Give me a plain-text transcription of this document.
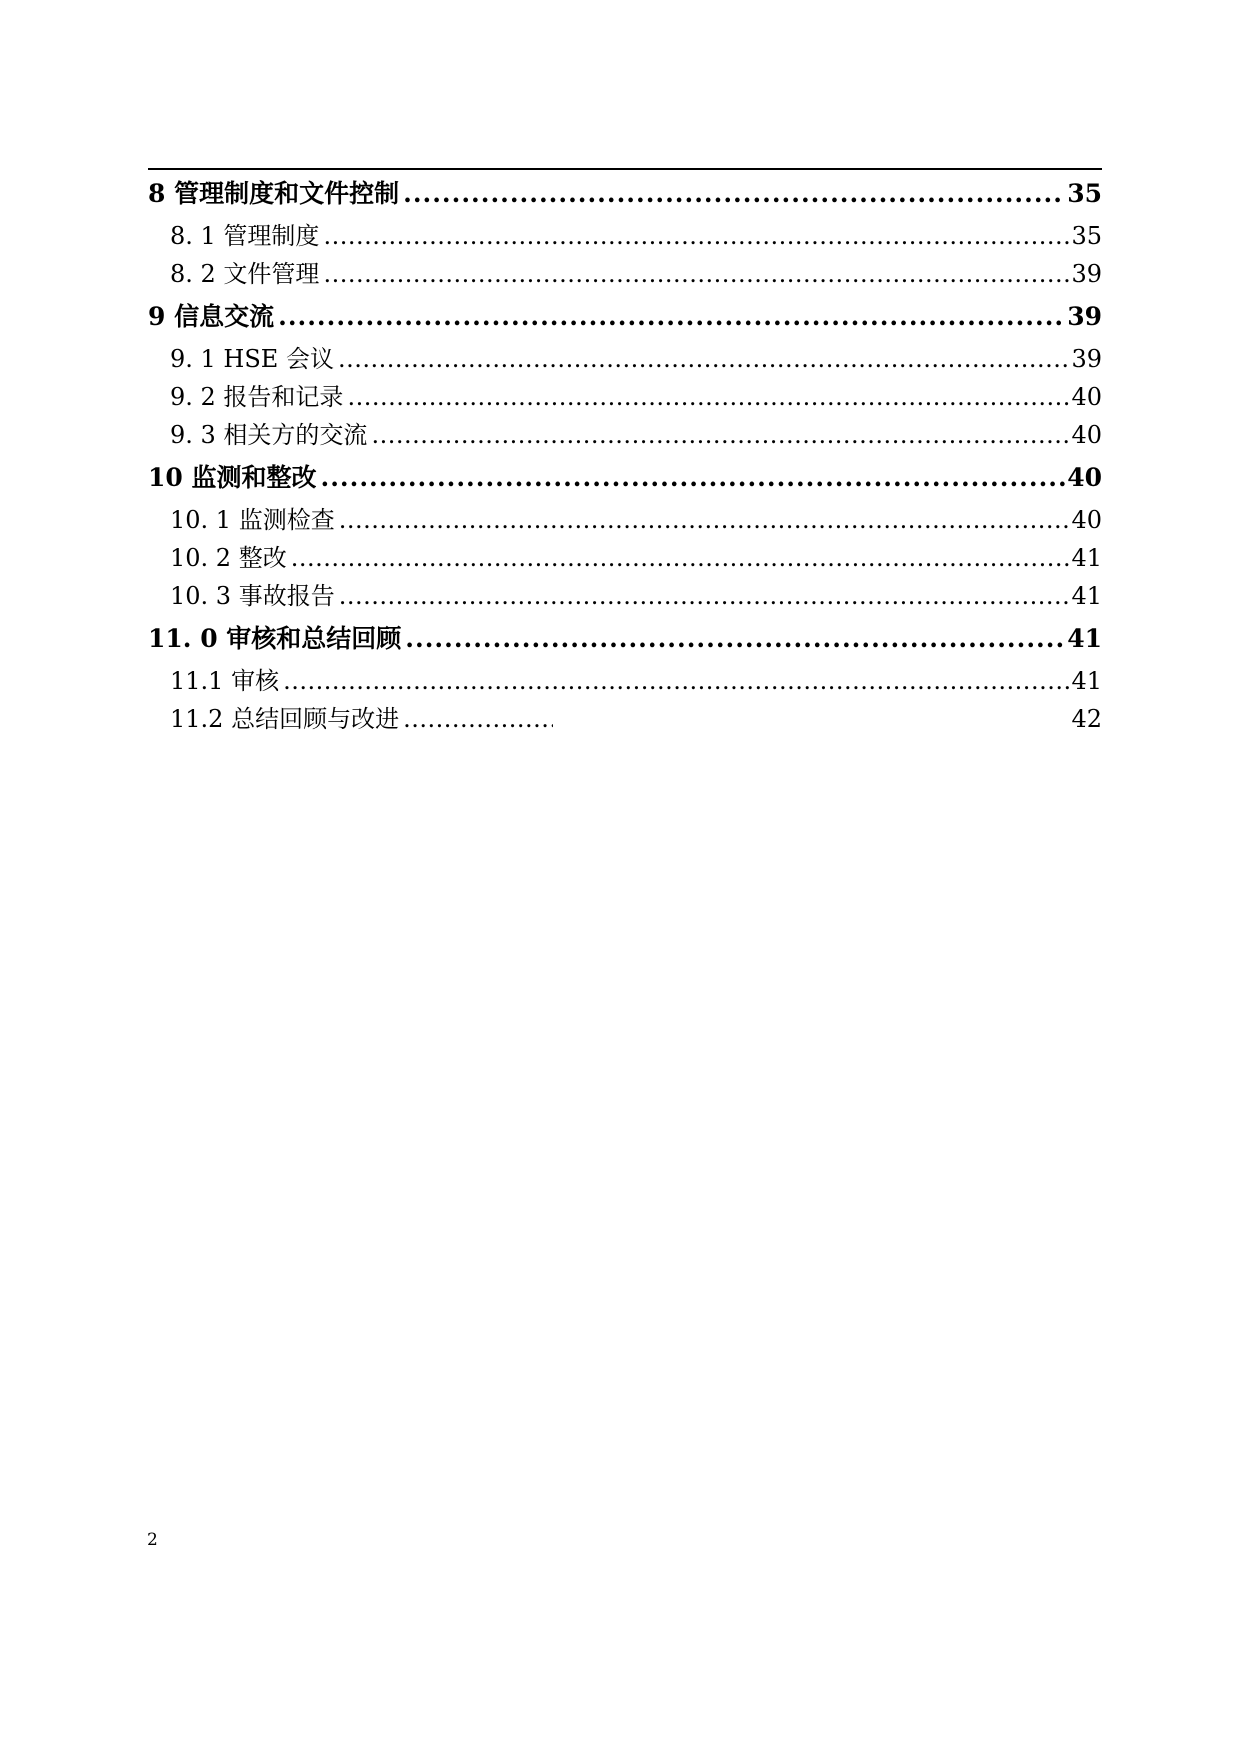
8 管理制度和文件控制 .....	35
8. 1 管理制度 .....	35
8. 2 文件管理 .....	39
9 信息交流 .....	39
9. 1 HSE 会议 .....	39
9. 2 报告和记录 .....	40
9. 3 相关方的交流 .....	40
10 监测和整改 .....	40
10. 1 监测检查 .....	40
10. 2 整改 .....	41
10. 3 事故报告 .....	41
11. 0 审核和总结回顾 .....	41
11.1 审核 .....	41
11.2 总结回顾与改进 .....	42
2
